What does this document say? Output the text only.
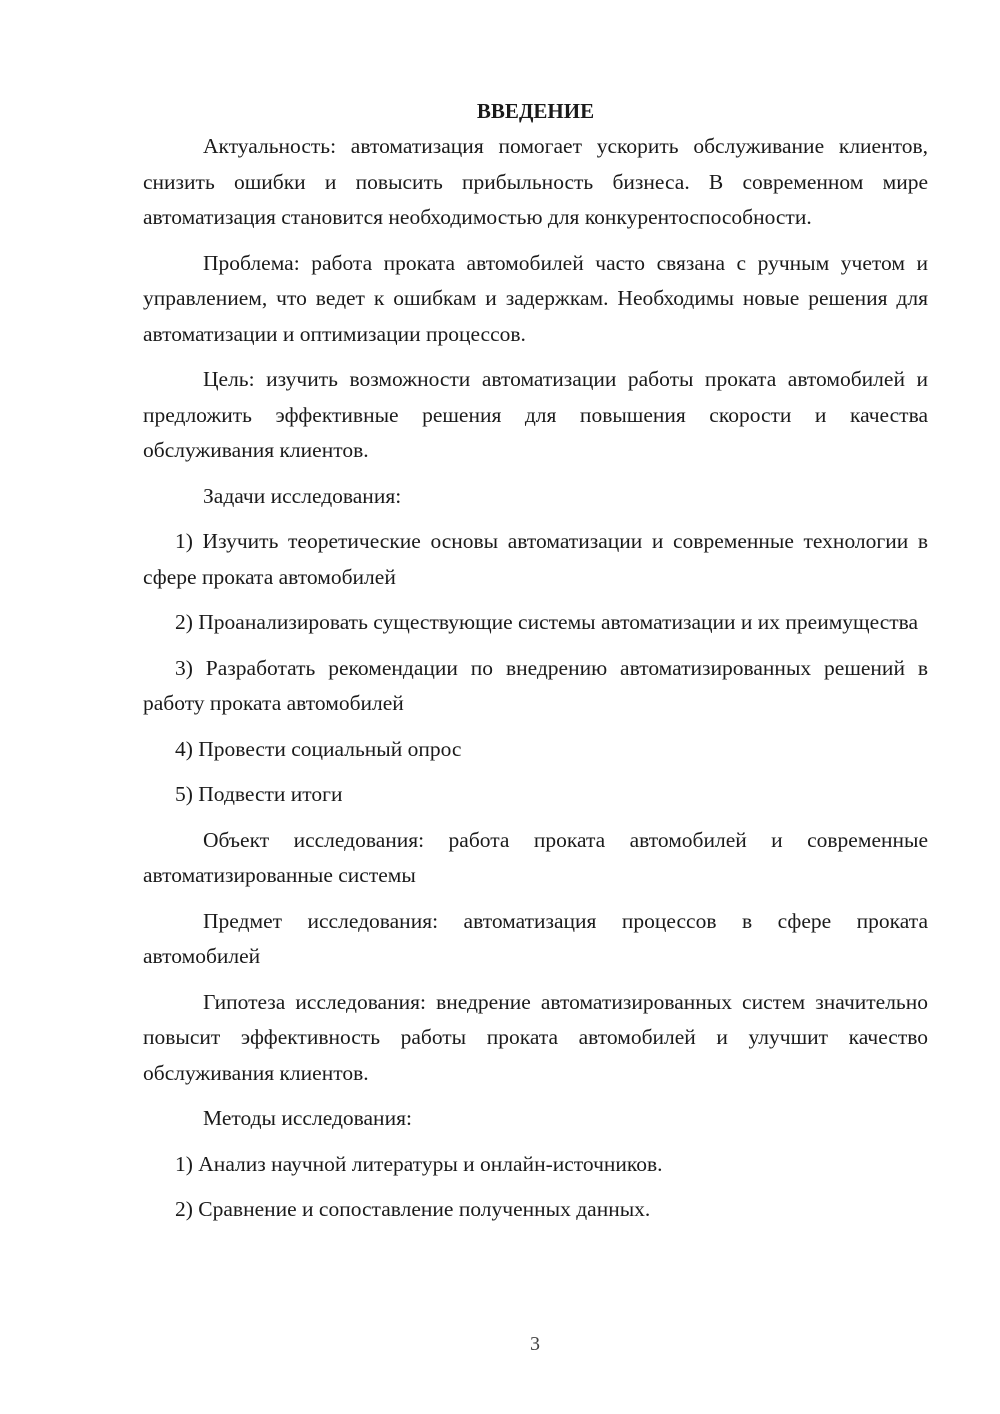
ВВЕДЕНИЕ

Актуальность: автоматизация помогает ускорить обслуживание клиентов, снизить ошибки и повысить прибыльность бизнеса. В современном мире автоматизация становится необходимостью для конкурентоспособности.

Проблема: работа проката автомобилей часто связана с ручным учетом и управлением, что ведет к ошибкам и задержкам. Необходимы новые решения для автоматизации и оптимизации процессов.

Цель: изучить возможности автоматизации работы проката автомобилей и предложить эффективные решения для повышения скорости и качества обслуживания клиентов.

Задачи исследования:

1) Изучить теоретические основы автоматизации и современные технологии в сфере проката автомобилей

2) Проанализировать существующие системы автоматизации и их преимущества

3) Разработать рекомендации по внедрению автоматизированных решений в работу проката автомобилей

4) Провести социальный опрос

5) Подвести итоги

Объект исследования: работа проката автомобилей и современные автоматизированные системы

Предмет исследования: автоматизация процессов в сфере проката автомобилей

Гипотеза исследования: внедрение автоматизированных систем значительно повысит эффективность работы проката автомобилей и улучшит качество обслуживания клиентов.

Методы исследования:

1) Анализ научной литературы и онлайн-источников.

2) Сравнение и сопоставление полученных данных.

3
